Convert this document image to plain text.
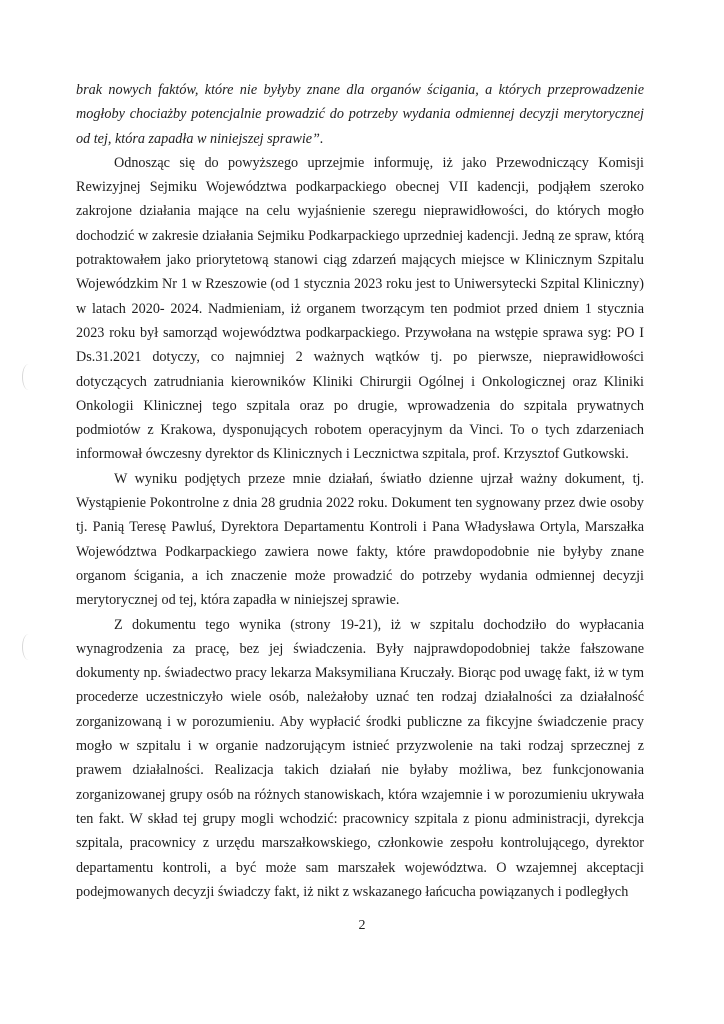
brak nowych faktów, które nie byłyby znane dla organów ścigania, a których przeprowadzenie mogłoby chociażby potencjalnie prowadzić do potrzeby wydania odmiennej decyzji merytorycznej od tej, która zapadła w niniejszej sprawie”.

Odnosząc się do powyższego uprzejmie informuję, iż jako Przewodniczący Komisji Rewizyjnej Sejmiku Województwa podkarpackiego obecnej VII kadencji, podjąłem szeroko zakrojone działania mające na celu wyjaśnienie szeregu nieprawidłowości, do których mogło dochodzić w zakresie działania Sejmiku Podkarpackiego uprzedniej kadencji. Jedną ze spraw, którą potraktowałem jako priorytetową stanowi ciąg zdarzeń mających miejsce w Klinicznym Szpitalu Wojewódzkim Nr 1 w Rzeszowie (od 1 stycznia 2023 roku jest to Uniwersytecki Szpital Kliniczny) w latach 2020- 2024. Nadmieniam, iż organem tworzącym ten podmiot przed dniem 1 stycznia 2023 roku był samorząd województwa podkarpackiego. Przywołana na wstępie sprawa syg: PO I Ds.31.2021 dotyczy, co najmniej 2 ważnych wątków tj. po pierwsze, nieprawidłowości dotyczących zatrudniania kierowników Kliniki Chirurgii Ogólnej i Onkologicznej oraz Kliniki Onkologii Klinicznej tego szpitala oraz po drugie, wprowadzenia do szpitala prywatnych podmiotów z Krakowa, dysponujących robotem operacyjnym da Vinci. To o tych zdarzeniach informował ówczesny dyrektor ds Klinicznych i Lecznictwa szpitala, prof. Krzysztof Gutkowski.

W wyniku podjętych przeze mnie działań, światło dzienne ujrzał ważny dokument, tj. Wystąpienie Pokontrolne z dnia 28 grudnia 2022 roku. Dokument ten sygnowany przez dwie osoby tj. Panią Teresę Pawluś, Dyrektora Departamentu Kontroli i Pana Władysława Ortyla, Marszałka Województwa Podkarpackiego zawiera nowe fakty, które prawdopodobnie nie byłyby znane organom ścigania, a ich znaczenie może prowadzić do potrzeby wydania odmiennej decyzji merytorycznej od tej, która zapadła w niniejszej sprawie.

Z dokumentu tego wynika (strony 19-21), iż w szpitalu dochodziło do wypłacania wynagrodzenia za pracę, bez jej świadczenia. Były najprawdopodobniej także fałszowane dokumenty np. świadectwo pracy lekarza Maksymiliana Kruczały. Biorąc pod uwagę fakt, iż w tym procederze uczestniczyło wiele osób, należałoby uznać ten rodzaj działalności za działalność zorganizowaną i w porozumieniu. Aby wypłacić środki publiczne za fikcyjne świadczenie pracy mogło w szpitalu i w organie nadzorującym istnieć przyzwolenie na taki rodzaj sprzecznej z prawem działalności. Realizacja takich działań nie byłaby możliwa, bez funkcjonowania zorganizowanej grupy osób na różnych stanowiskach, która wzajemnie i w porozumieniu ukrywała ten fakt. W skład tej grupy mogli wchodzić: pracownicy szpitala z pionu administracji, dyrekcja szpitala, pracownicy z urzędu marszałkowskiego, członkowie zespołu kontrolującego, dyrektor departamentu kontroli, a być może sam marszałek województwa. O wzajemnej akceptacji podejmowanych decyzji świadczy fakt, iż nikt z wskazanego łańcucha powiązanych i podległych

2
